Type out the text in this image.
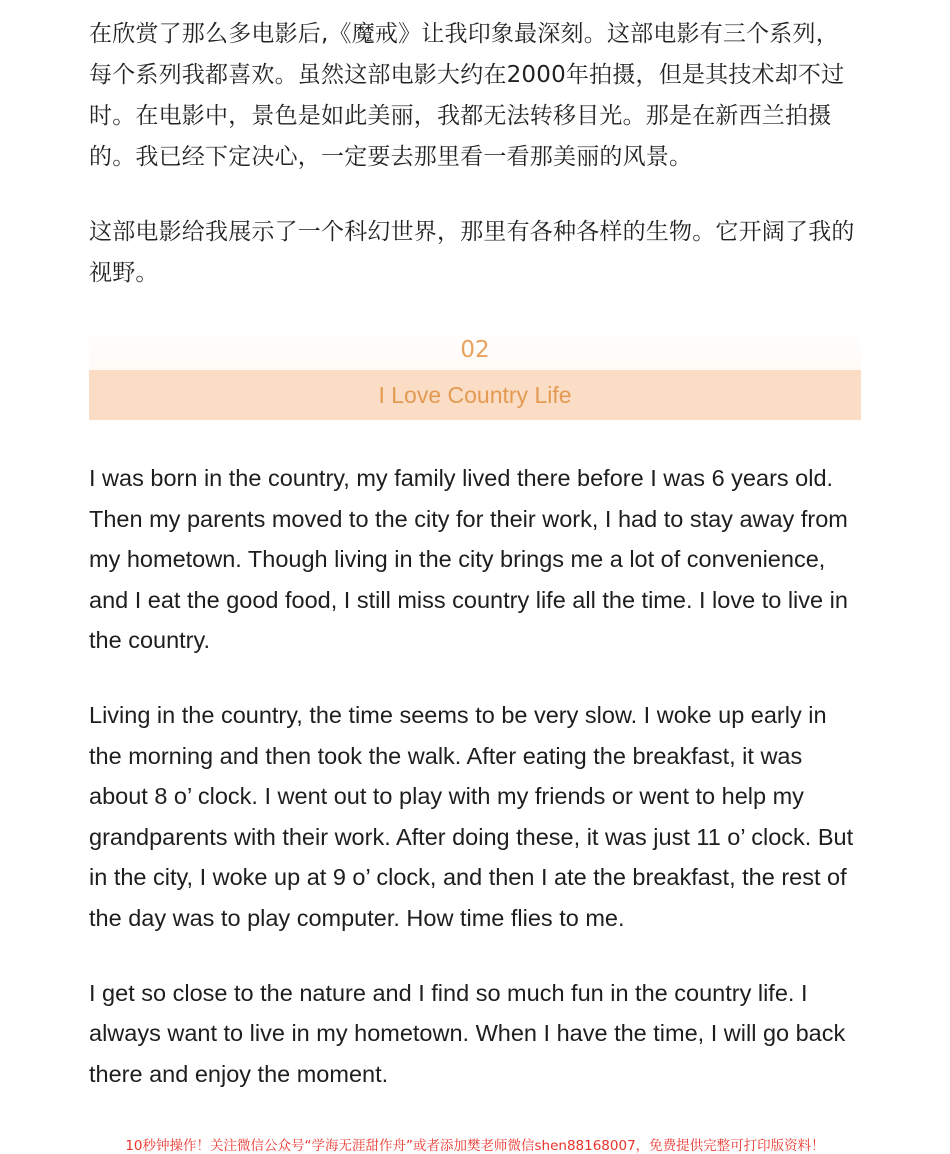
在欣赏了那么多电影后,《魔戒》让我印象最深刻。这部电影有三个系列，每个系列我都喜欢。虽然这部电影大约在2000年拍摄，但是其技术却不过时。在电影中，景色是如此美丽，我都无法转移目光。那是在新西兰拍摄的。我已经下定决心，一定要去那里看一看那美丽的风景。

这部电影给我展示了一个科幻世界，那里有各种各样的生物。它开阔了我的视野。

02
I Love Country Life

I was born in the country, my family lived there before I was 6 years old. Then my parents moved to the city for their work, I had to stay away from my hometown. Though living in the city brings me a lot of convenience, and I eat the good food, I still miss country life all the time. I love to live in the country.

Living in the country, the time seems to be very slow. I woke up early in the morning and then took the walk. After eating the breakfast, it was about 8 o’ clock. I went out to play with my friends or went to help my grandparents with their work. After doing these, it was just 11 o’ clock. But in the city, I woke up at 9 o’ clock, and then I ate the breakfast, the rest of the day was to play computer. How time flies to me.

I get so close to the nature and I find so much fun in the country life. I always want to live in my hometown. When I have the time, I will go back there and enjoy the moment.

10秒钟操作！关注微信公众号“学海无涯甜作舟”或者添加樊老师微信shen88168007，免费提供完整可打印版资料！
